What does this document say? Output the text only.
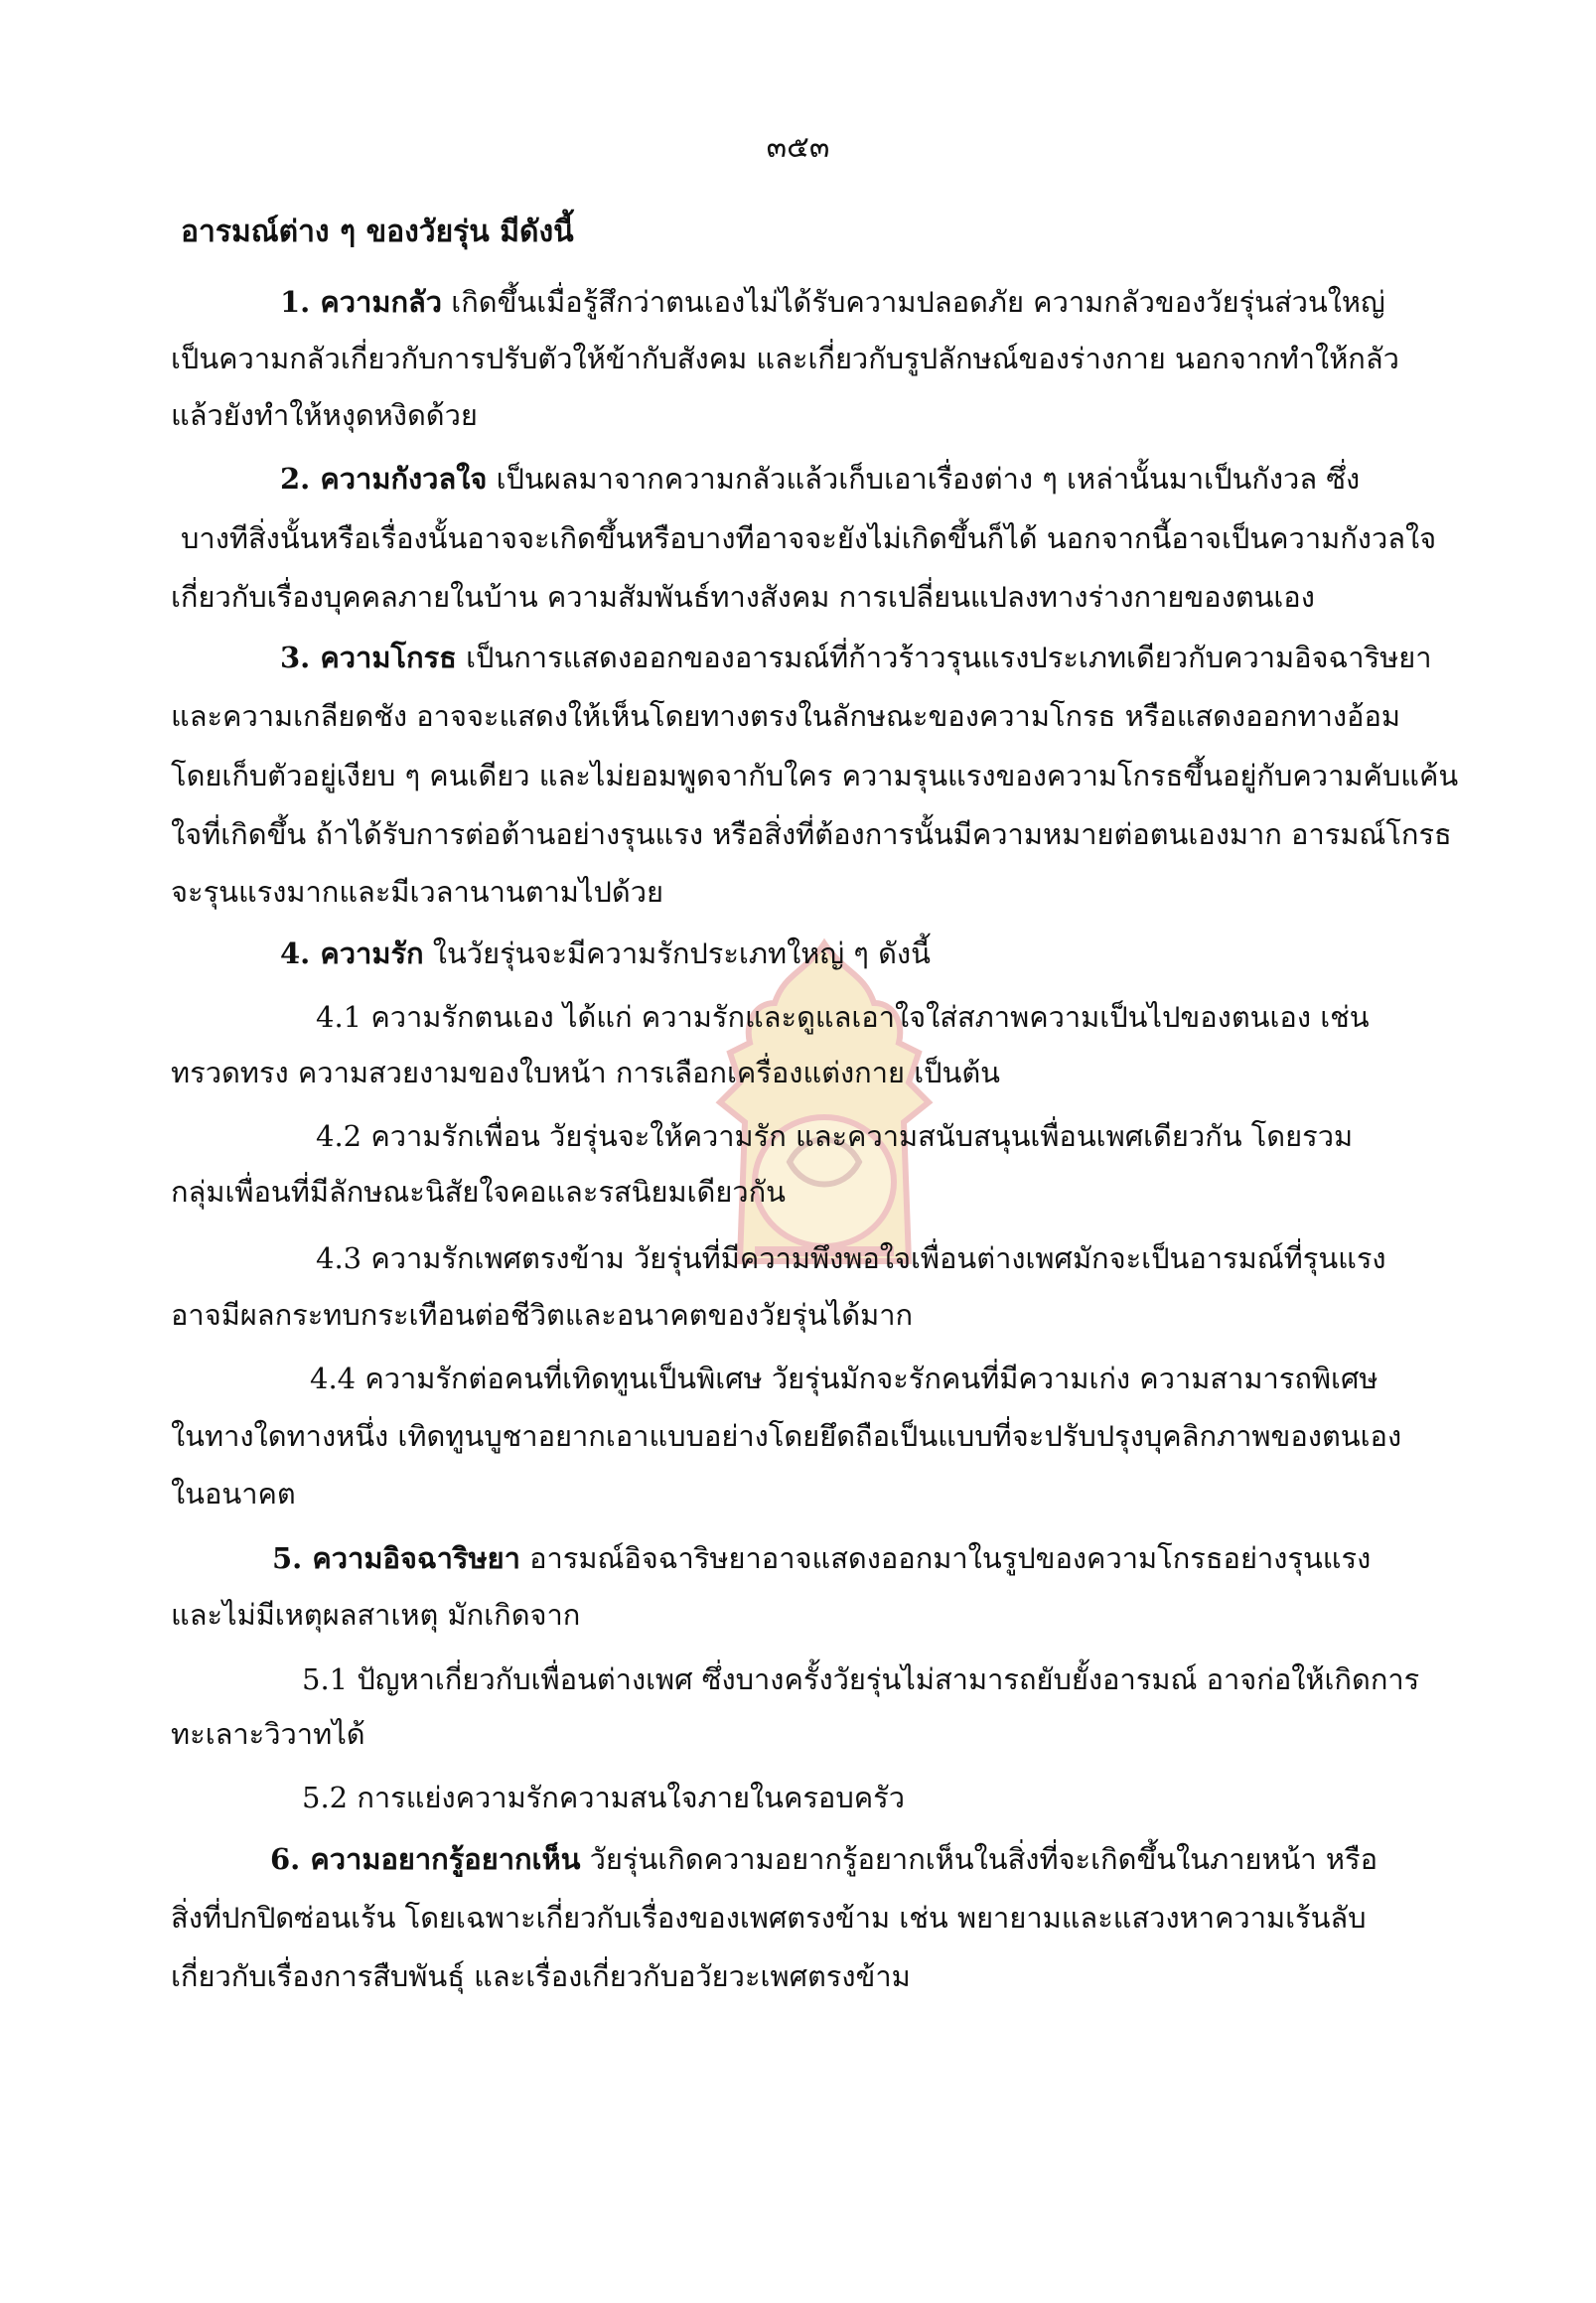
๓๕๓
อารมณ์ต่าง ๆ ของวัยรุ่น มีดังนี้
1. ความกลัว เกิดขึ้นเมื่อรู้สึกว่าตนเองไม่ได้รับความปลอดภัย ความกลัวของวัยรุ่นส่วนใหญ่
เป็นความกลัวเกี่ยวกับการปรับตัวให้ข้ากับสังคม และเกี่ยวกับรูปลักษณ์ของร่างกาย นอกจากทำให้กลัว
แล้วยังทำให้หงุดหงิดด้วย
2. ความกังวลใจ เป็นผลมาจากความกลัวแล้วเก็บเอาเรื่องต่าง ๆ เหล่านั้นมาเป็นกังวล ซึ่ง
บางทีสิ่งนั้นหรือเรื่องนั้นอาจจะเกิดขึ้นหรือบางทีอาจจะยังไม่เกิดขึ้นก็ได้ นอกจากนี้อาจเป็นความกังวลใจ
เกี่ยวกับเรื่องบุคคลภายในบ้าน ความสัมพันธ์ทางสังคม การเปลี่ยนแปลงทางร่างกายของตนเอง
3. ความโกรธ เป็นการแสดงออกของอารมณ์ที่ก้าวร้าวรุนแรงประเภทเดียวกับความอิจฉาริษยา
และความเกลียดชัง อาจจะแสดงให้เห็นโดยทางตรงในลักษณะของความโกรธ หรือแสดงออกทางอ้อม
โดยเก็บตัวอยู่เงียบ ๆ คนเดียว และไม่ยอมพูดจากับใคร ความรุนแรงของความโกรธขึ้นอยู่กับความคับแค้น
ใจที่เกิดขึ้น ถ้าได้รับการต่อต้านอย่างรุนแรง หรือสิ่งที่ต้องการนั้นมีความหมายต่อตนเองมาก อารมณ์โกรธ
จะรุนแรงมากและมีเวลานานตามไปด้วย
4. ความรัก ในวัยรุ่นจะมีความรักประเภทใหญ่ ๆ ดังนี้
4.1 ความรักตนเอง ได้แก่ ความรักและดูแลเอาใจใส่สภาพความเป็นไปของตนเอง เช่น
ทรวดทรง ความสวยงามของใบหน้า การเลือกเครื่องแต่งกาย เป็นต้น
4.2 ความรักเพื่อน วัยรุ่นจะให้ความรัก และความสนับสนุนเพื่อนเพศเดียวกัน โดยรวม
กลุ่มเพื่อนที่มีลักษณะนิสัยใจคอและรสนิยมเดียวกัน
4.3 ความรักเพศตรงข้าม วัยรุ่นที่มีความพึงพอใจเพื่อนต่างเพศมักจะเป็นอารมณ์ที่รุนแรง
อาจมีผลกระทบกระเทือนต่อชีวิตและอนาคตของวัยรุ่นได้มาก
4.4 ความรักต่อคนที่เทิดทูนเป็นพิเศษ วัยรุ่นมักจะรักคนที่มีความเก่ง ความสามารถพิเศษ
ในทางใดทางหนึ่ง เทิดทูนบูชาอยากเอาแบบอย่างโดยยึดถือเป็นแบบที่จะปรับปรุงบุคลิกภาพของตนเอง
ในอนาคต
5. ความอิจฉาริษยา อารมณ์อิจฉาริษยาอาจแสดงออกมาในรูปของความโกรธอย่างรุนแรง
และไม่มีเหตุผลสาเหตุ มักเกิดจาก
5.1 ปัญหาเกี่ยวกับเพื่อนต่างเพศ ซึ่งบางครั้งวัยรุ่นไม่สามารถยับยั้งอารมณ์ อาจก่อให้เกิดการ
ทะเลาะวิวาทได้
5.2 การแย่งความรักความสนใจภายในครอบครัว
6. ความอยากรู้อยากเห็น วัยรุ่นเกิดความอยากรู้อยากเห็นในสิ่งที่จะเกิดขึ้นในภายหน้า หรือ
สิ่งที่ปกปิดซ่อนเร้น โดยเฉพาะเกี่ยวกับเรื่องของเพศตรงข้าม เช่น พยายามและแสวงหาความเร้นลับ
เกี่ยวกับเรื่องการสืบพันธุ์ และเรื่องเกี่ยวกับอวัยวะเพศตรงข้าม
